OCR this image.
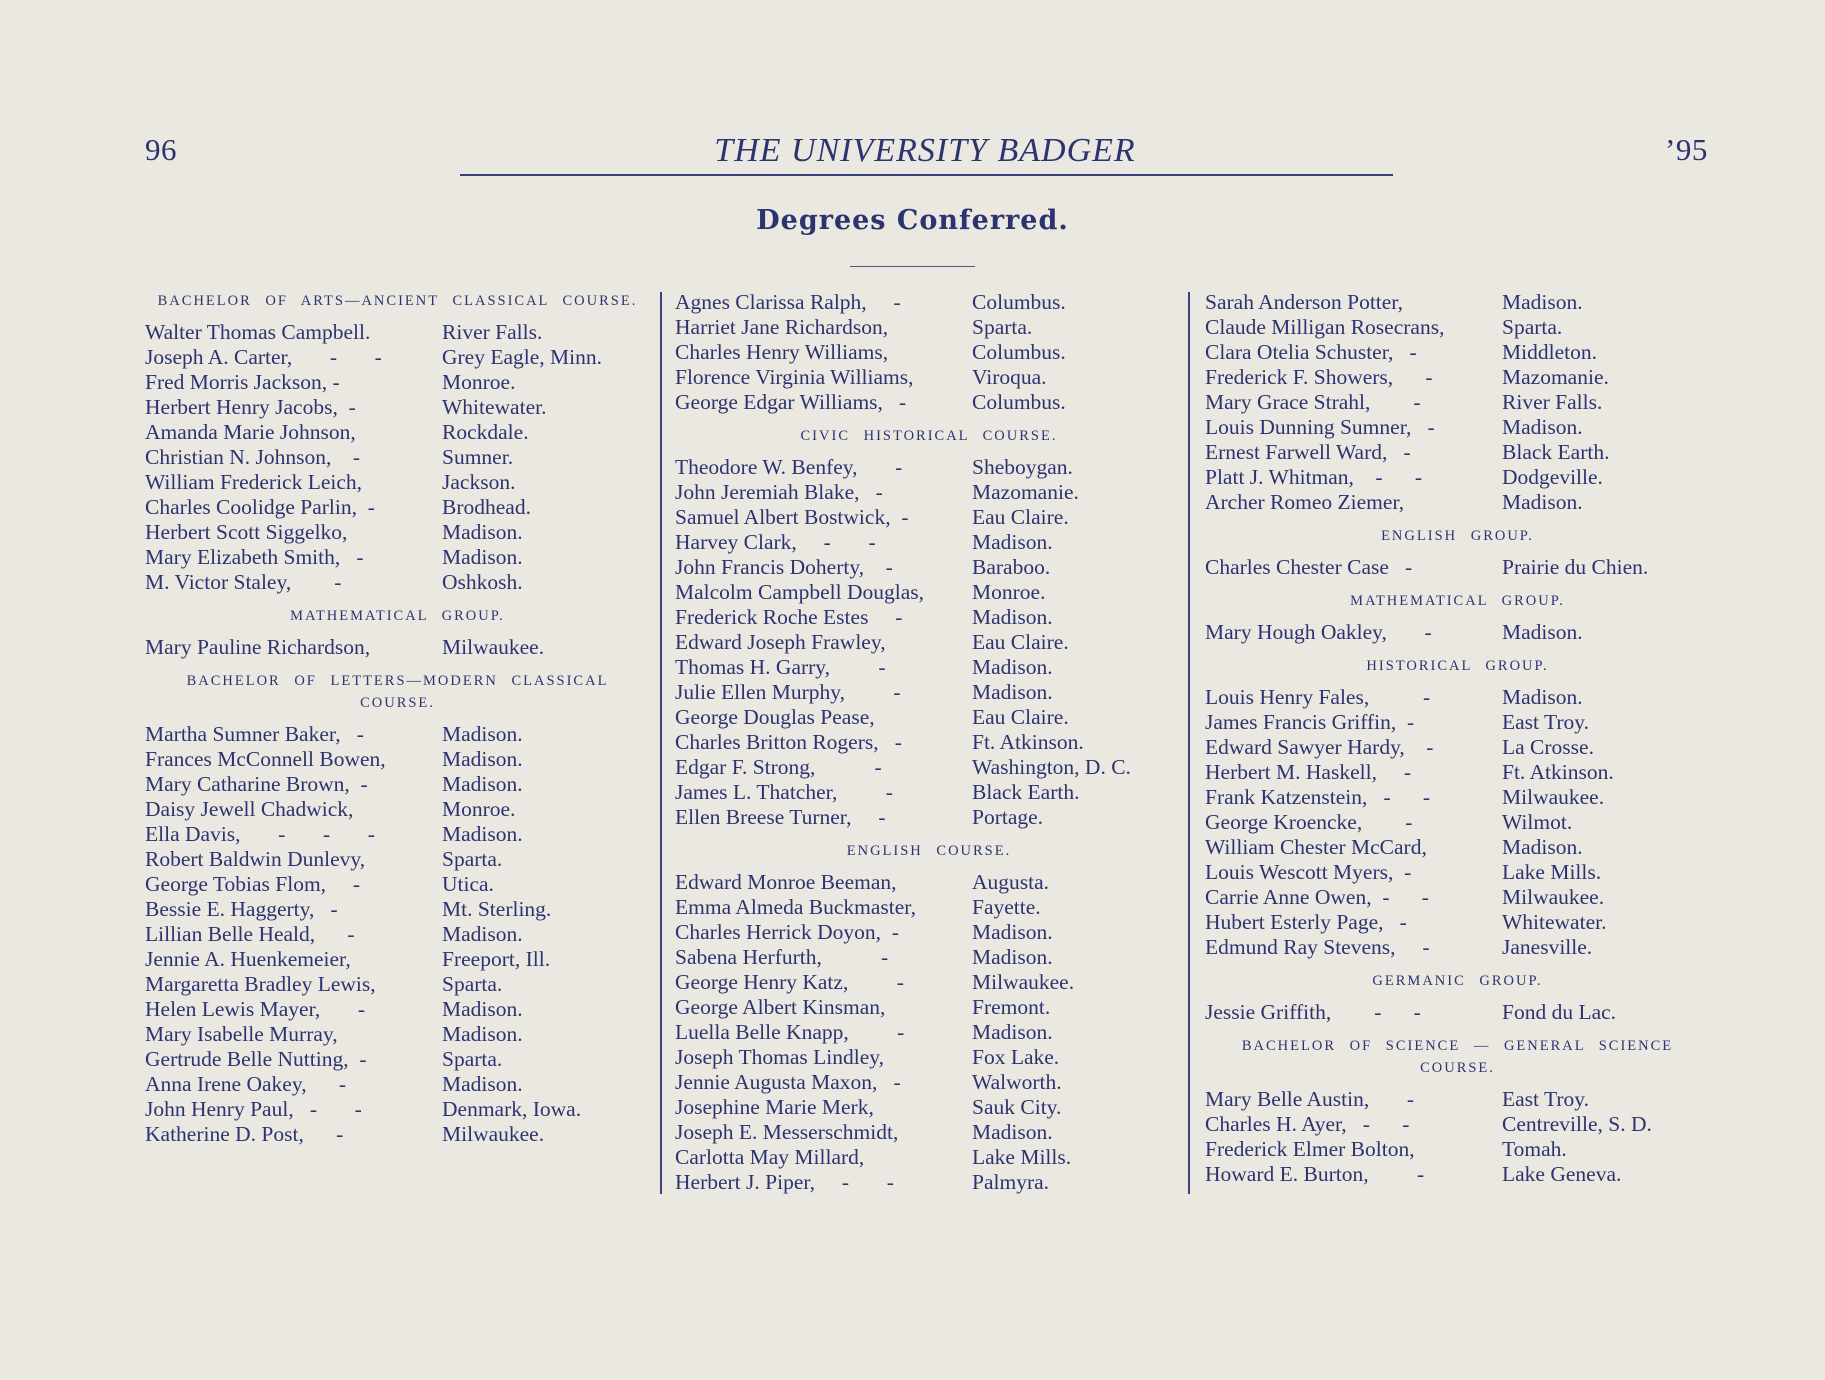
96	THE UNIVERSITY BADGER	’95
Degrees Conferred.
BACHELOR OF ARTS—ANCIENT CLASSICAL COURSE.
Walter Thomas Campbell.	River Falls.
Joseph A. Carter,       -       -	Grey Eagle, Minn.
Fred Morris Jackson, -	Monroe.
Herbert Henry Jacobs,  -	Whitewater.
Amanda Marie Johnson,	Rockdale.
Christian N. Johnson,    -	Sumner.
William Frederick Leich,	Jackson.
Charles Coolidge Parlin,  -	Brodhead.
Herbert Scott Siggelko,	Madison.
Mary Elizabeth Smith,   -	Madison.
M. Victor Staley,        -	Oshkosh.
MATHEMATICAL GROUP.
Mary Pauline Richardson,	Milwaukee.
BACHELOR OF LETTERS—MODERN CLASSICAL COURSE.
Martha Sumner Baker,   -	Madison.
Frances McConnell Bowen,	Madison.
Mary Catharine Brown,  -	Madison.
Daisy Jewell Chadwick,	Monroe.
Ella Davis,       -       -       -	Madison.
Robert Baldwin Dunlevy,	Sparta.
George Tobias Flom,     -	Utica.
Bessie E. Haggerty,   -	Mt. Sterling.
Lillian Belle Heald,      -	Madison.
Jennie A. Huenkemeier,	Freeport, Ill.
Margaretta Bradley Lewis,	Sparta.
Helen Lewis Mayer,       -	Madison.
Mary Isabelle Murray,	Madison.
Gertrude Belle Nutting,  -	Sparta.
Anna Irene Oakey,      -	Madison.
John Henry Paul,   -       -	Denmark, Iowa.
Katherine D. Post,      -	Milwaukee.
Agnes Clarissa Ralph,     -	Columbus.
Harriet Jane Richardson,	Sparta.
Charles Henry Williams,	Columbus.
Florence Virginia Williams,	Viroqua.
George Edgar Williams,   -	Columbus.
CIVIC HISTORICAL COURSE.
Theodore W. Benfey,       -	Sheboygan.
John Jeremiah Blake,   -	Mazomanie.
Samuel Albert Bostwick,  -	Eau Claire.
Harvey Clark,     -       -	Madison.
John Francis Doherty,    -	Baraboo.
Malcolm Campbell Douglas,	Monroe.
Frederick Roche Estes     -	Madison.
Edward Joseph Frawley,	Eau Claire.
Thomas H. Garry,         -	Madison.
Julie Ellen Murphy,         -	Madison.
George Douglas Pease,	Eau Claire.
Charles Britton Rogers,   -	Ft. Atkinson.
Edgar F. Strong,           -	Washington, D. C.
James L. Thatcher,         -	Black Earth.
Ellen Breese Turner,     -	Portage.
ENGLISH COURSE.
Edward Monroe Beeman,	Augusta.
Emma Almeda Buckmaster,	Fayette.
Charles Herrick Doyon,  -	Madison.
Sabena Herfurth,           -	Madison.
George Henry Katz,         -	Milwaukee.
George Albert Kinsman,	Fremont.
Luella Belle Knapp,         -	Madison.
Joseph Thomas Lindley,	Fox Lake.
Jennie Augusta Maxon,   -	Walworth.
Josephine Marie Merk,	Sauk City.
Joseph E. Messerschmidt,	Madison.
Carlotta May Millard,	Lake Mills.
Herbert J. Piper,     -       -	Palmyra.
Sarah Anderson Potter,	Madison.
Claude Milligan Rosecrans,	Sparta.
Clara Otelia Schuster,   -	Middleton.
Frederick F. Showers,      -	Mazomanie.
Mary Grace Strahl,        -	River Falls.
Louis Dunning Sumner,   -	Madison.
Ernest Farwell Ward,   -	Black Earth.
Platt J. Whitman,    -      -	Dodgeville.
Archer Romeo Ziemer,	Madison.
ENGLISH GROUP.
Charles Chester Case   -	Prairie du Chien.
MATHEMATICAL GROUP.
Mary Hough Oakley,       -	Madison.
HISTORICAL GROUP.
Louis Henry Fales,          -	Madison.
James Francis Griffin,  -	East Troy.
Edward Sawyer Hardy,    -	La Crosse.
Herbert M. Haskell,     -	Ft. Atkinson.
Frank Katzenstein,   -      -	Milwaukee.
George Kroencke,        -	Wilmot.
William Chester McCard,	Madison.
Louis Wescott Myers,  -	Lake Mills.
Carrie Anne Owen,  -      -	Milwaukee.
Hubert Esterly Page,   -	Whitewater.
Edmund Ray Stevens,     -	Janesville.
GERMANIC GROUP.
Jessie Griffith,        -      -	Fond du Lac.
BACHELOR OF SCIENCE — GENERAL SCIENCE COURSE.
Mary Belle Austin,       -	East Troy.
Charles H. Ayer,   -      -	Centreville, S. D.
Frederick Elmer Bolton,	Tomah.
Howard E. Burton,         -	Lake Geneva.
